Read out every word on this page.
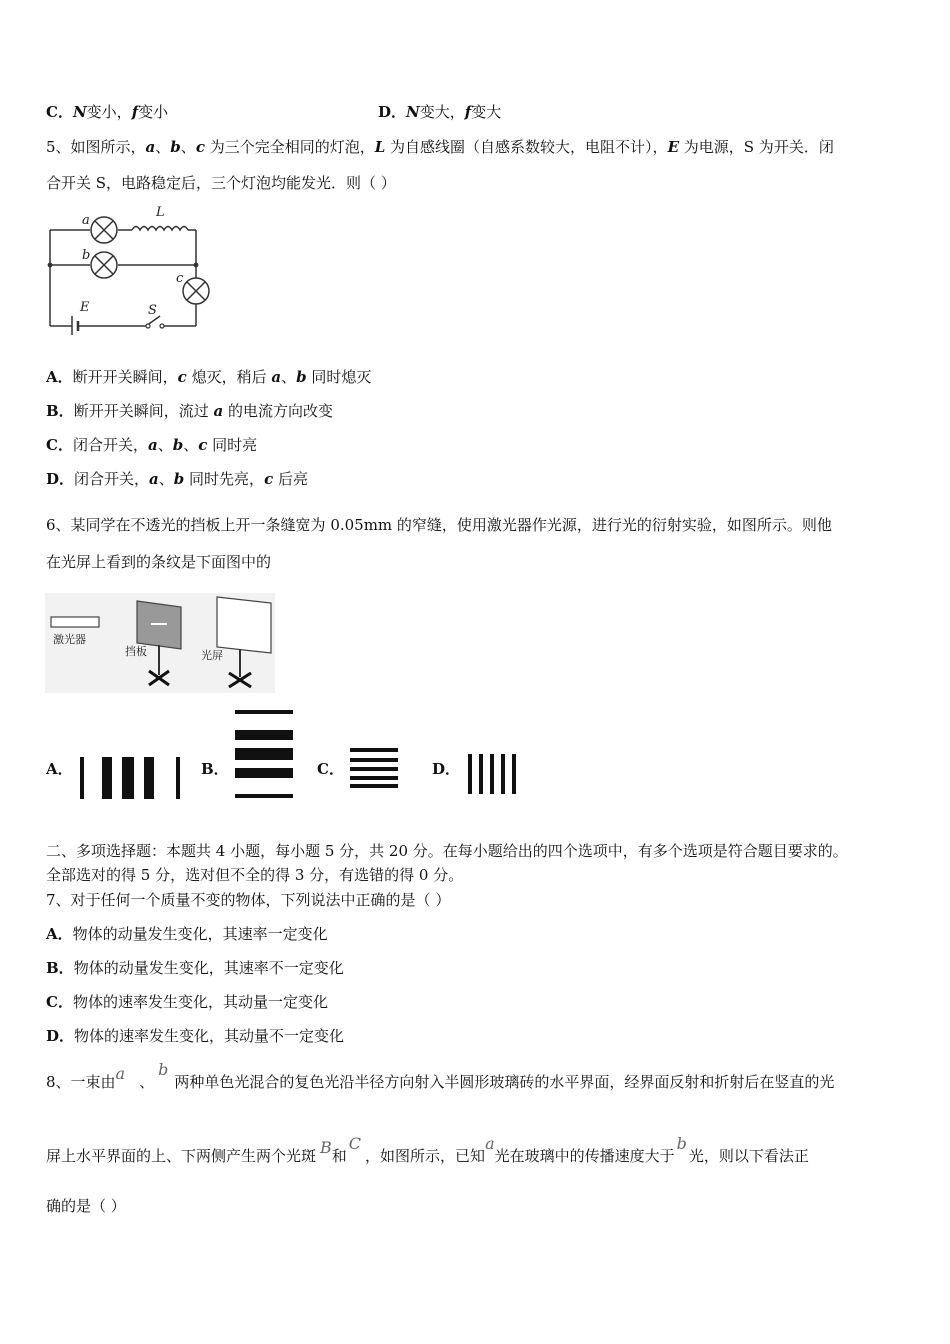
C．N变小，f变小	D．N变大，f变大
5、如图所示，a、b、c 为三个完全相同的灯泡，L 为自感线圈（自感系数较大，电阻不计），E 为电源，S 为开关．闭
合开关 S，电路稳定后，三个灯泡均能发光．则（ ）
a
b
c
L
E	S
A．断开开关瞬间，c 熄灭，稍后 a、b 同时熄灭
B．断开开关瞬间，流过 a 的电流方向改变
C．闭合开关，a、b、c 同时亮
D．闭合开关，a、b 同时先亮，c 后亮
6、某同学在不透光的挡板上开一条缝宽为 0.05mm 的窄缝，使用激光器作光源，进行光的衍射实验，如图所示。则他
在光屏上看到的条纹是下面图中的
激光器
挡板	光屏
A．	B．	C．	D．
二、多项选择题：本题共 4 小题，每小题 5 分，共 20 分。在每小题给出的四个选项中，有多个选项是符合题目要求的。
全部选对的得 5 分，选对但不全的得 3 分，有选错的得 0 分。
7、对于任何一个质量不变的物体，下列说法中正确的是（ ）
A．物体的动量发生变化，其速率一定变化
B．物体的动量发生变化，其速率不一定变化
C．物体的速率发生变化，其动量一定变化
D．物体的速率发生变化，其动量不一定变化
8、一束由a 、b两种单色光混合的复色光沿半径方向射入半圆形玻璃砖的水平界面，经界面反射和折射后在竖直的光
屏上水平界面的上、下两侧产生两个光斑 B和C，如图所示，已知a光在玻璃中的传播速度大于b光，则以下看法正
确的是（ ）
